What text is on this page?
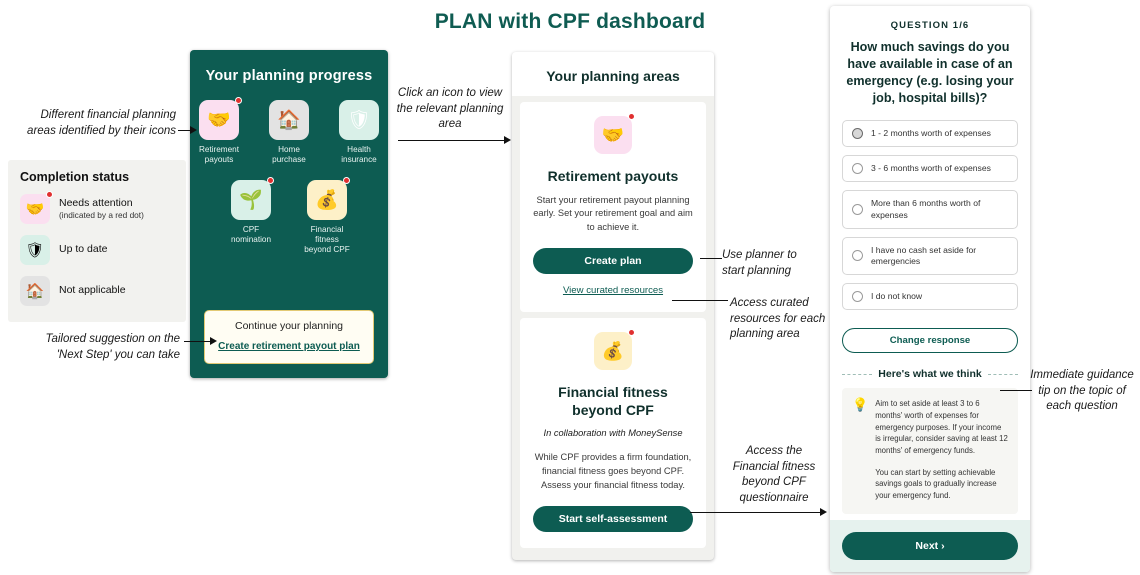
PLAN with CPF dashboard
Your planning progress
🤝
Retirement payouts
🏠
Home purchase
🛡
Health insurance
🌱
CPF nomination
💰
Financial fitness beyond CPF
Continue your planning
Create retirement payout plan
Completion status
🤝 Needs attention
(indicated by a red dot)
🛡 Up to date
🏠 Not applicable
Your planning areas
🤝
Retirement payouts

Start your retirement payout planning early. Set your retirement goal and aim to achieve it.

Create plan
View curated resources
💰
Financial fitness beyond CPF

In collaboration with MoneySense

While CPF provides a firm foundation, financial fitness goes beyond CPF. Assess your financial fitness today.

Start self-assessment
QUESTION 1/6
How much savings do you have available in case of an emergency (e.g. losing your job, hospital bills)?
1 - 2 months worth of expenses
3 - 6 months worth of expenses
More than 6 months worth of expenses
I have no cash set aside for emergencies
I do not know
Change response
Here's what we think
💡 Aim to set aside at least 3 to 6 months' worth of expenses for emergency purposes. If your income is irregular, consider saving at least 12 months' of emergency funds.

You can start by setting achievable savings goals to gradually increase your emergency fund.

Next ›
Different financial planning areas identified by their icons
Tailored suggestion on the 'Next Step' you can take
Click an icon to view the relevant planning area
Use planner to start planning
Access curated resources for each planning area
Access the Financial fitness beyond CPF questionnaire
Immediate guidance tip on the topic of each question
